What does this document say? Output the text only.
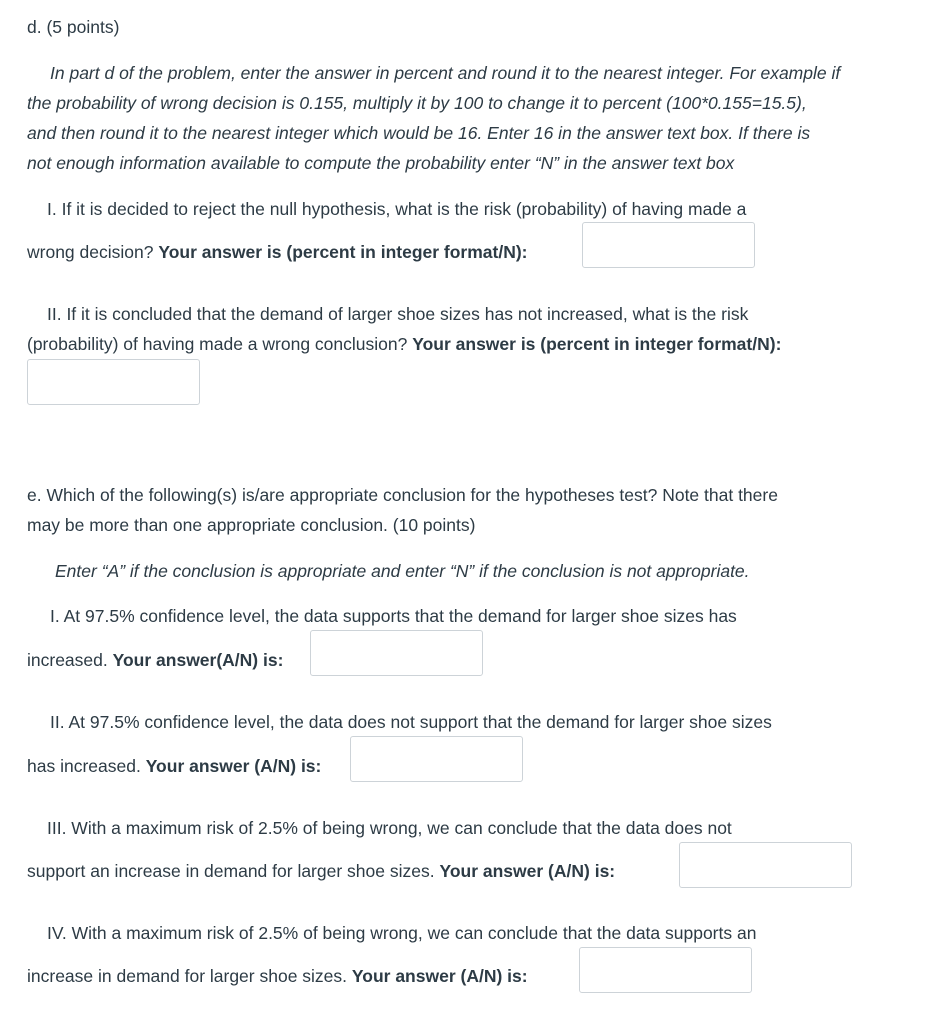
d. (5 points)
In part d of the problem, enter the answer in percent and round it to the nearest integer. For example if
the probability of wrong decision is 0.155, multiply it by 100 to change it to percent (100*0.155=15.5),
and then round it to the nearest integer which would be 16. Enter 16 in the answer text box. If there is
not enough information available to compute the probability enter “N” in the answer text box
I. If it is decided to reject the null hypothesis, what is the risk (probability) of having made a
wrong decision? Your answer is (percent in integer format/N):
II. If it is concluded that the demand of larger shoe sizes has not increased, what is the risk
(probability) of having made a wrong conclusion? Your answer is (percent in integer format/N):
e. Which of the following(s) is/are appropriate conclusion for the hypotheses test? Note that there
may be more than one appropriate conclusion. (10 points)
Enter “A” if the conclusion is appropriate and enter “N” if the conclusion is not appropriate.
I. At 97.5% confidence level, the data supports that the demand for larger shoe sizes has
increased. Your answer(A/N) is:
II. At 97.5% confidence level, the data does not support that the demand for larger shoe sizes
has increased. Your answer (A/N) is:
III. With a maximum risk of 2.5% of being wrong, we can conclude that the data does not
support an increase in demand for larger shoe sizes. Your answer (A/N) is:
IV. With a maximum risk of 2.5% of being wrong, we can conclude that the data supports an
increase in demand for larger shoe sizes. Your answer (A/N) is:
